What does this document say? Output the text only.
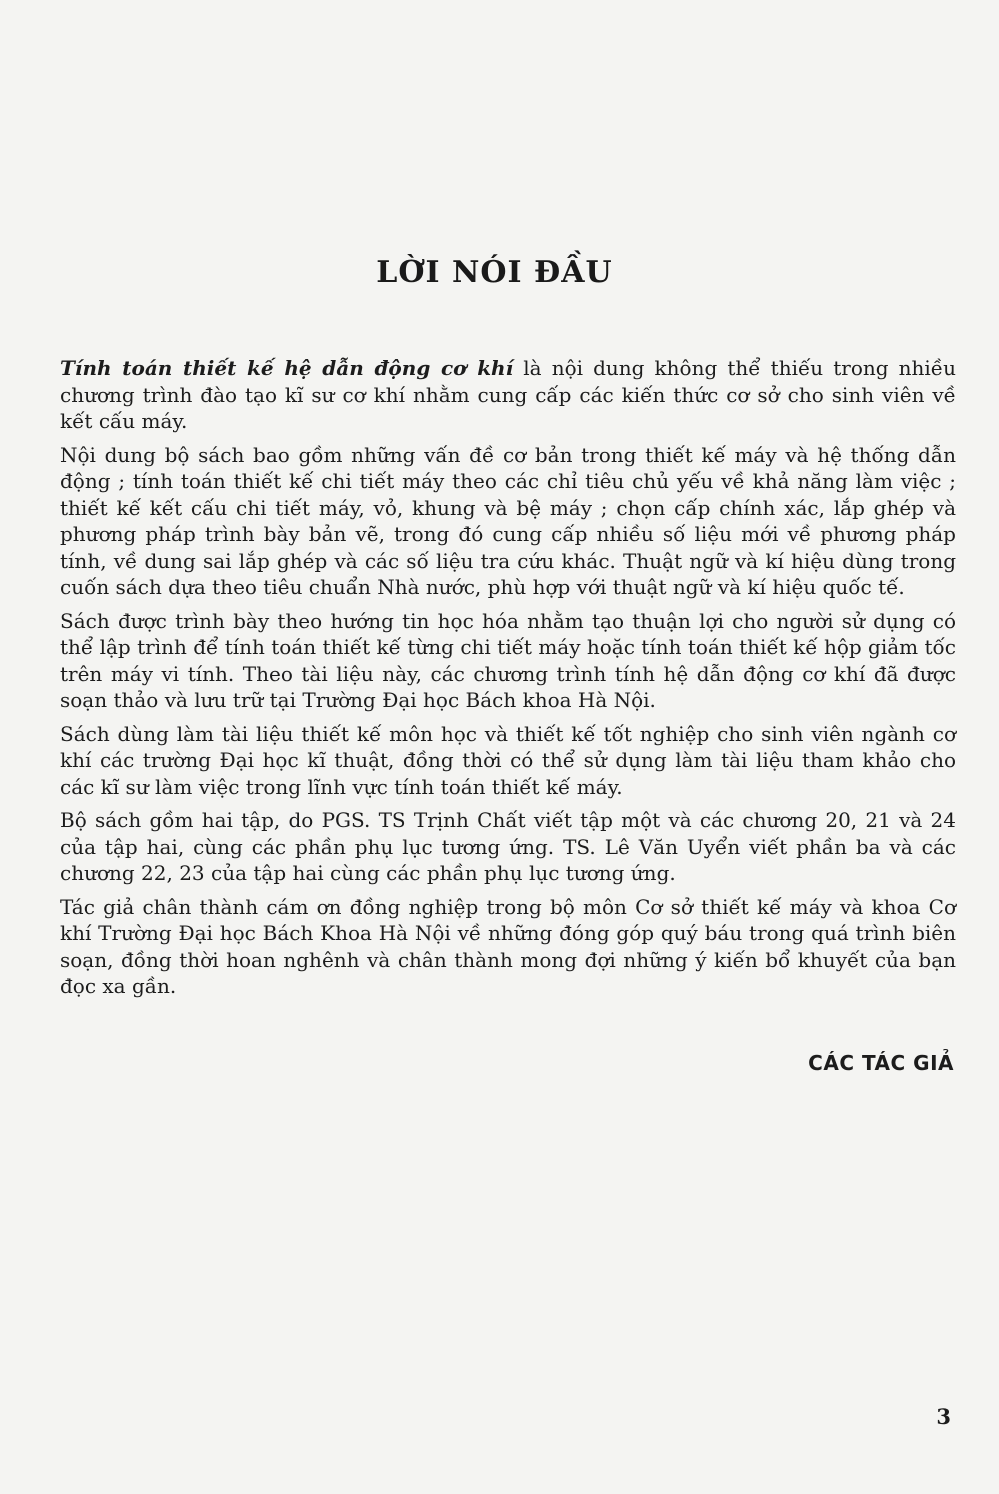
LỜI NÓI ĐẦU

Tính toán thiết kế hệ dẫn động cơ khí là nội dung không thể thiếu trong nhiều chương trình đào tạo kĩ sư cơ khí nhằm cung cấp các kiến thức cơ sở cho sinh viên về kết cấu máy.

Nội dung bộ sách bao gồm những vấn đề cơ bản trong thiết kế máy và hệ thống dẫn động ; tính toán thiết kế chi tiết máy theo các chỉ tiêu chủ yếu về khả năng làm việc ; thiết kế kết cấu chi tiết máy, vỏ, khung và bệ máy ; chọn cấp chính xác, lắp ghép và phương pháp trình bày bản vẽ, trong đó cung cấp nhiều số liệu mới về phương pháp tính, về dung sai lắp ghép và các số liệu tra cứu khác. Thuật ngữ và kí hiệu dùng trong cuốn sách dựa theo tiêu chuẩn Nhà nước, phù hợp với thuật ngữ và kí hiệu quốc tế.

Sách được trình bày theo hướng tin học hóa nhằm tạo thuận lợi cho người sử dụng có thể lập trình để tính toán thiết kế từng chi tiết máy hoặc tính toán thiết kế hộp giảm tốc trên máy vi tính. Theo tài liệu này, các chương trình tính hệ dẫn động cơ khí đã được soạn thảo và lưu trữ tại Trường Đại học Bách khoa Hà Nội.

Sách dùng làm tài liệu thiết kế môn học và thiết kế tốt nghiệp cho sinh viên ngành cơ khí các trường Đại học kĩ thuật, đồng thời có thể sử dụng làm tài liệu tham khảo cho các kĩ sư làm việc trong lĩnh vực tính toán thiết kế máy.

Bộ sách gồm hai tập, do PGS. TS Trịnh Chất viết tập một và các chương 20, 21 và 24 của tập hai, cùng các phần phụ lục tương ứng. TS. Lê Văn Uyển viết phần ba và các chương 22, 23 của tập hai cùng các phần phụ lục tương ứng.

Tác giả chân thành cám ơn đồng nghiệp trong bộ môn Cơ sở thiết kế máy và khoa Cơ khí Trường Đại học Bách Khoa Hà Nội về những đóng góp quý báu trong quá trình biên soạn, đồng thời hoan nghênh và chân thành mong đợi những ý kiến bổ khuyết của bạn đọc xa gần.

CÁC TÁC GIẢ
3
